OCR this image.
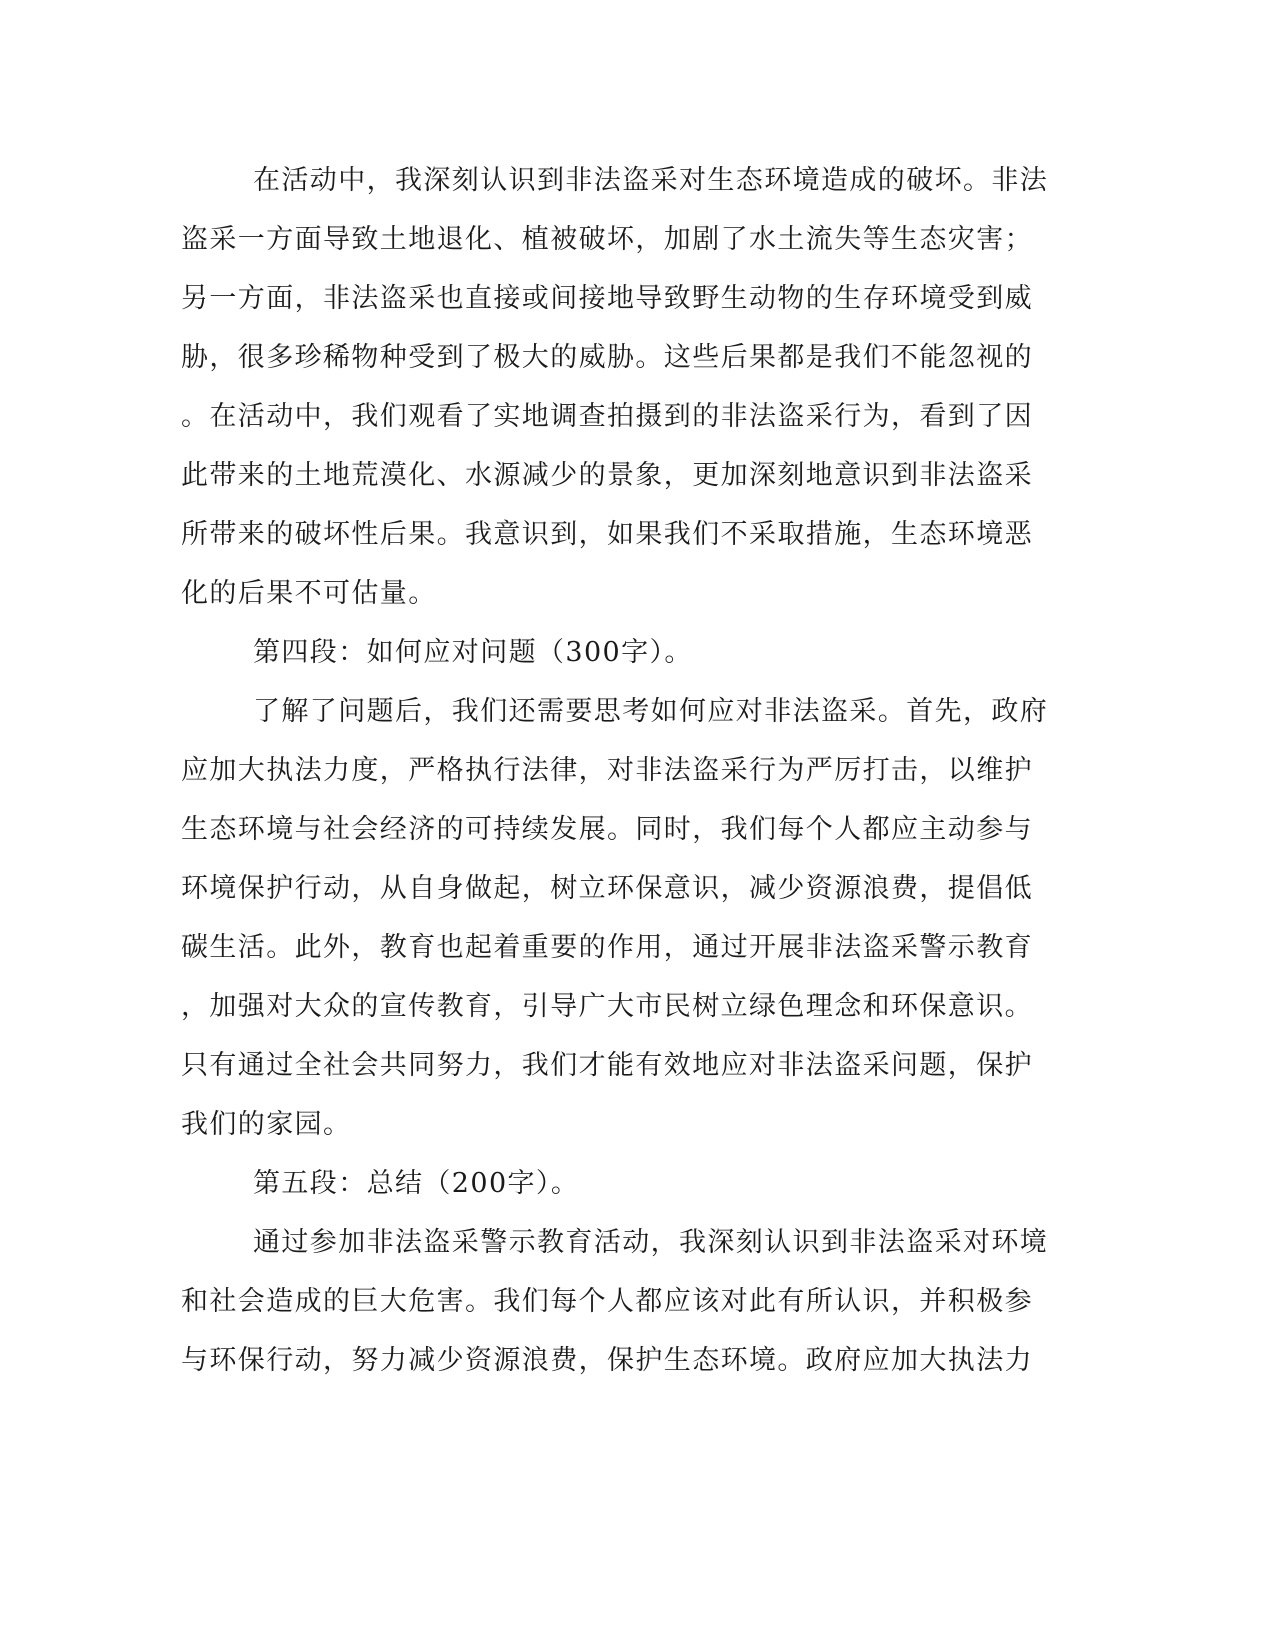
在活动中，我深刻认识到非法盗采对生态环境造成的破坏。非法
盗采一方面导致土地退化、植被破坏，加剧了水土流失等生态灾害；
另一方面，非法盗采也直接或间接地导致野生动物的生存环境受到威
胁，很多珍稀物种受到了极大的威胁。这些后果都是我们不能忽视的
。在活动中，我们观看了实地调查拍摄到的非法盗采行为，看到了因
此带来的土地荒漠化、水源减少的景象，更加深刻地意识到非法盗采
所带来的破坏性后果。我意识到，如果我们不采取措施，生态环境恶
化的后果不可估量。
第四段：如何应对问题（300字）。
了解了问题后，我们还需要思考如何应对非法盗采。首先，政府
应加大执法力度，严格执行法律，对非法盗采行为严厉打击，以维护
生态环境与社会经济的可持续发展。同时，我们每个人都应主动参与
环境保护行动，从自身做起，树立环保意识，减少资源浪费，提倡低
碳生活。此外，教育也起着重要的作用，通过开展非法盗采警示教育
，加强对大众的宣传教育，引导广大市民树立绿色理念和环保意识。
只有通过全社会共同努力，我们才能有效地应对非法盗采问题，保护
我们的家园。
第五段：总结（200字）。
通过参加非法盗采警示教育活动，我深刻认识到非法盗采对环境
和社会造成的巨大危害。我们每个人都应该对此有所认识，并积极参
与环保行动，努力减少资源浪费，保护生态环境。政府应加大执法力
